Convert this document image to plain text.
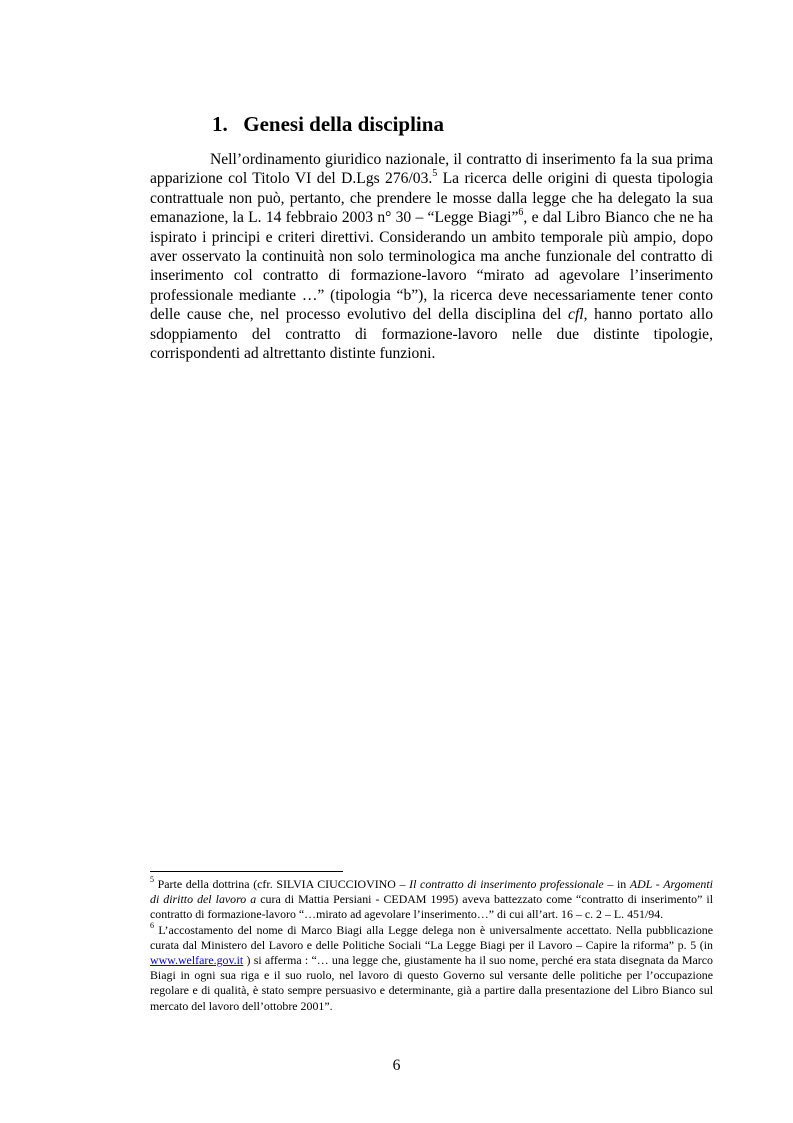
1. Genesi della disciplina

Nell’ordinamento giuridico nazionale, il contratto di inserimento fa la sua prima apparizione col Titolo VI del D.Lgs 276/03.$^5$ La ricerca delle origini di questa tipologia contrattuale non può, pertanto, che prendere le mosse dalla legge che ha delegato la sua emanazione, la L. 14 febbraio 2003 n° 30 – “Legge Biagi”$^6$, e dal Libro Bianco che ne ha ispirato i principi e criteri direttivi. Considerando un ambito temporale più ampio, dopo aver osservato la continuità non solo terminologica ma anche funzionale del contratto di inserimento col contratto di formazione-lavoro “mirato ad agevolare l’inserimento professionale mediante …” (tipologia “b”), la ricerca deve necessariamente tener conto delle cause che, nel processo evolutivo del della disciplina del cfl, hanno portato allo sdoppiamento del contratto di formazione-lavoro nelle due distinte tipologie, corrispondenti ad altrettanto distinte funzioni.

$^5$ Parte della dottrina (cfr. SILVIA CIUCCIOVINO – Il contratto di inserimento professionale – in ADL - Argomenti di diritto del lavoro a cura di Mattia Persiani - CEDAM 1995) aveva battezzato come “contratto di inserimento” il contratto di formazione-lavoro “…mirato ad agevolare l’inserimento…” di cui all’art. 16 – c. 2 – L. 451/94.

$^6$ L’accostamento del nome di Marco Biagi alla Legge delega non è universalmente accettato. Nella pubblicazione curata dal Ministero del Lavoro e delle Politiche Sociali “La Legge Biagi per il Lavoro – Capire la riforma” p. 5 (in www.welfare.gov.it ) si afferma : “… una legge che, giustamente ha il suo nome, perché era stata disegnata da Marco Biagi in ogni sua riga e il suo ruolo, nel lavoro di questo Governo sul versante delle politiche per l’occupazione regolare e di qualità, è stato sempre persuasivo e determinante, già a partire dalla presentazione del Libro Bianco sul mercato del lavoro dell’ottobre 2001”.

6
